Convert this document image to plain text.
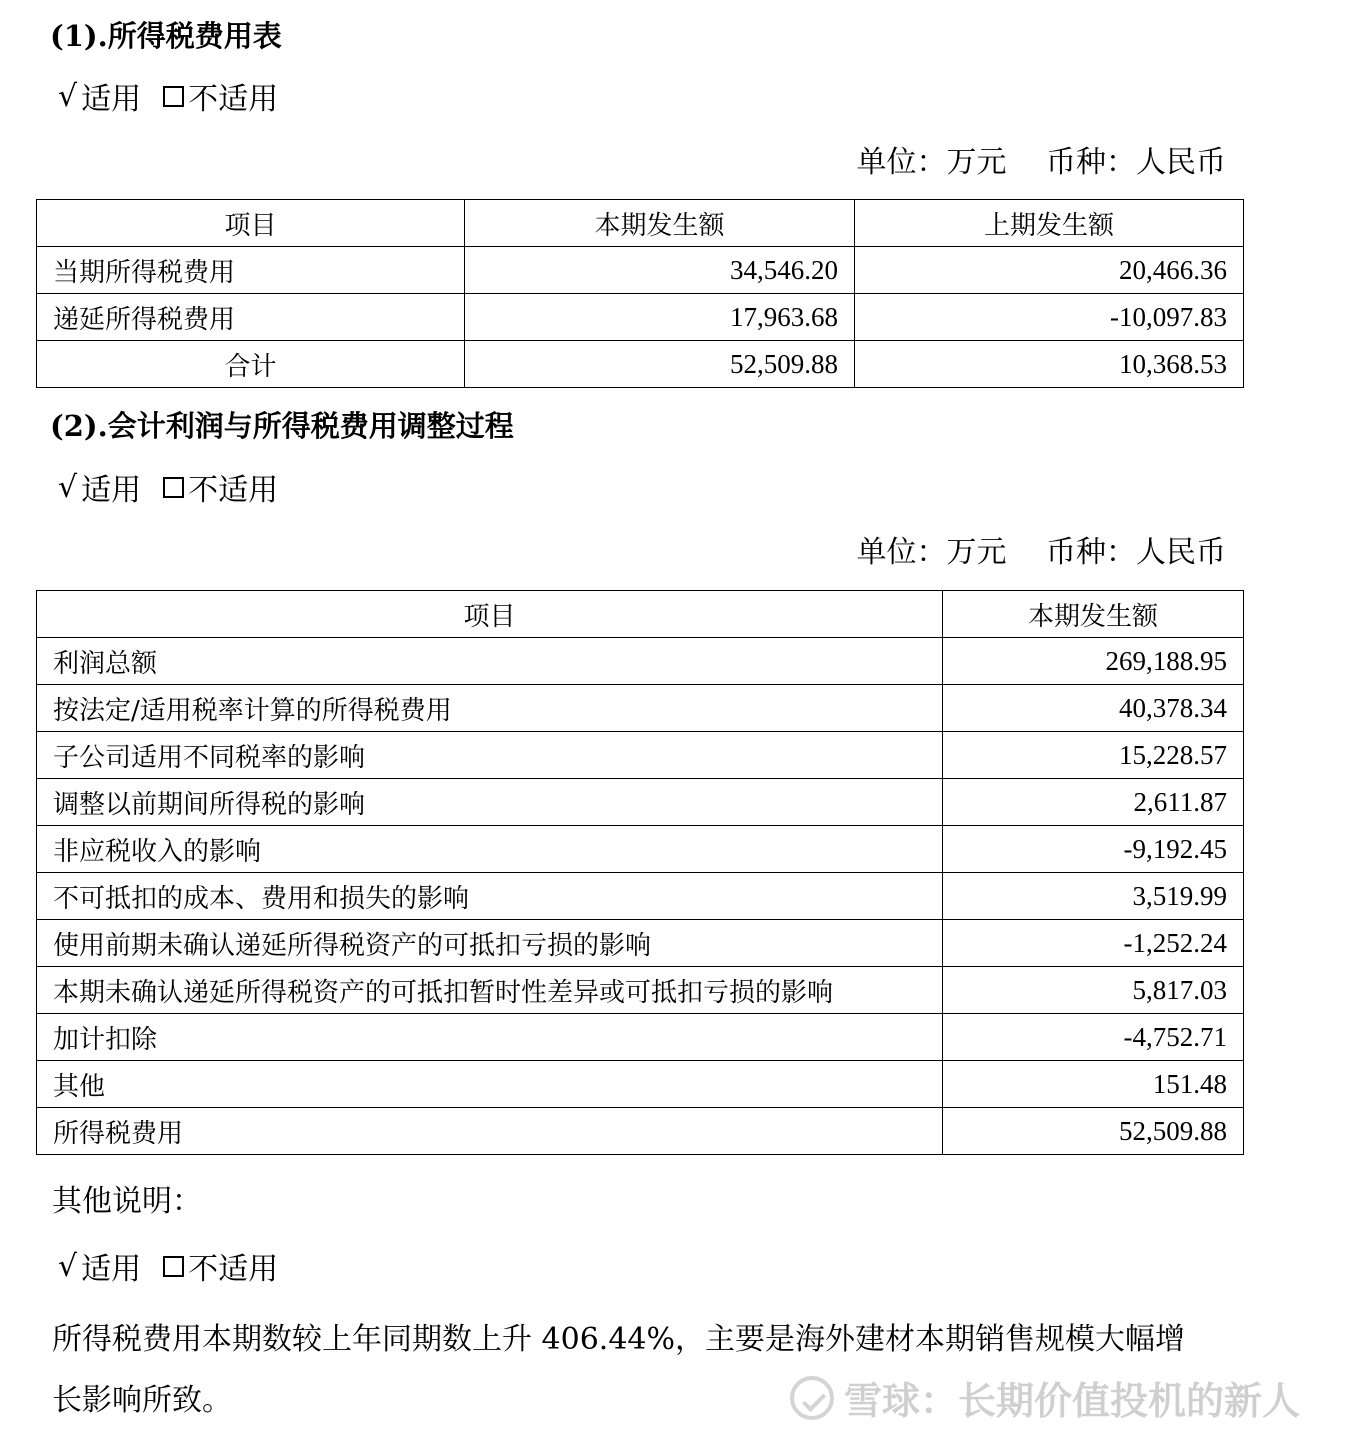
(1).所得税费用表
√ 适用 不适用
单位：万元　 币种：人民币
项目	本期发生额	上期发生额
当期所得税费用	34,546.20	20,466.36
递延所得税费用	17,963.68	-10,097.83
合计	52,509.88	10,368.53
(2).会计利润与所得税费用调整过程
√ 适用 不适用
单位：万元　 币种：人民币
项目	本期发生额
利润总额	269,188.95
按法定/适用税率计算的所得税费用	40,378.34
子公司适用不同税率的影响	15,228.57
调整以前期间所得税的影响	2,611.87
非应税收入的影响	-9,192.45
不可抵扣的成本、费用和损失的影响	3,519.99
使用前期未确认递延所得税资产的可抵扣亏损的影响	-1,252.24
本期未确认递延所得税资产的可抵扣暂时性差异或可抵扣亏损的影响	5,817.03
加计扣除	-4,752.71
其他	151.48
所得税费用	52,509.88
其他说明：
√ 适用 不适用
所得税费用本期数较上年同期数上升 406.44%，主要是海外建材本期销售规模大幅增
长影响所致。	雪球：长期价值投机的新人
